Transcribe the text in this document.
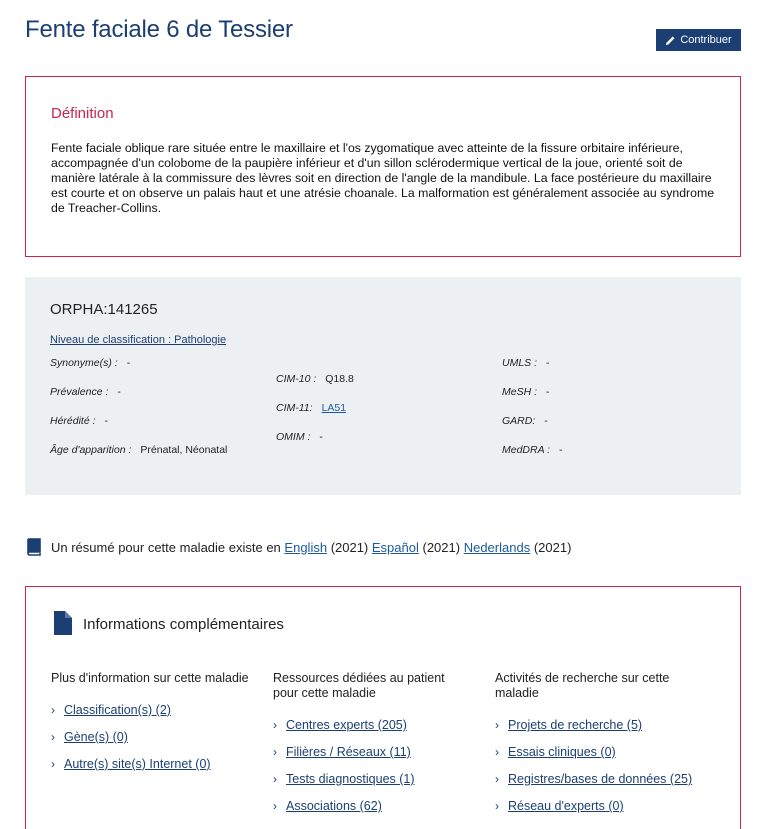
Fente faciale 6 de Tessier	Contribuer
Définition

Fente faciale oblique rare située entre le maxillaire et l'os zygomatique avec atteinte de la fissure orbitaire inférieure, accompagnée d'un colobome de la paupière inférieur et d'un sillon sclérodermique vertical de la joue, orienté soit de manière latérale à la commissure des lèvres soit en direction de l'angle de la mandibule. La face postérieure du maxillaire est courte et on observe un palais haut et une atrésie choanale. La malformation est généralement associée au syndrome de Treacher-Collins.

ORPHA:141265
Niveau de classification : Pathologie
Synonyme(s) : -
Prévalence : -
Hérédité : -
Âge d'apparition : Prénatal, Néonatal
CIM-10 : Q18.8
CIM-11: LA51
OMIM : -
UMLS : -
MeSH : -
GARD: -
MedDRA : -
Un résumé pour cette maladie existe en
English
(2021)
Español
(2021)
Nederlands
(2021)
Informations complémentaires
Plus d'information sur cette maladie
› Classification(s) (2)
› Gène(s) (0)
› Autre(s) site(s) Internet (0)
Ressources dédiées au patient pour cette maladie
› Centres experts (205)
› Filières / Réseaux (11)
› Tests diagnostiques (1)
› Associations (62)
Activités de recherche sur cette maladie
› Projets de recherche (5)
› Essais cliniques (0)
› Registres/bases de données (25)
› Réseau d'experts (0)
